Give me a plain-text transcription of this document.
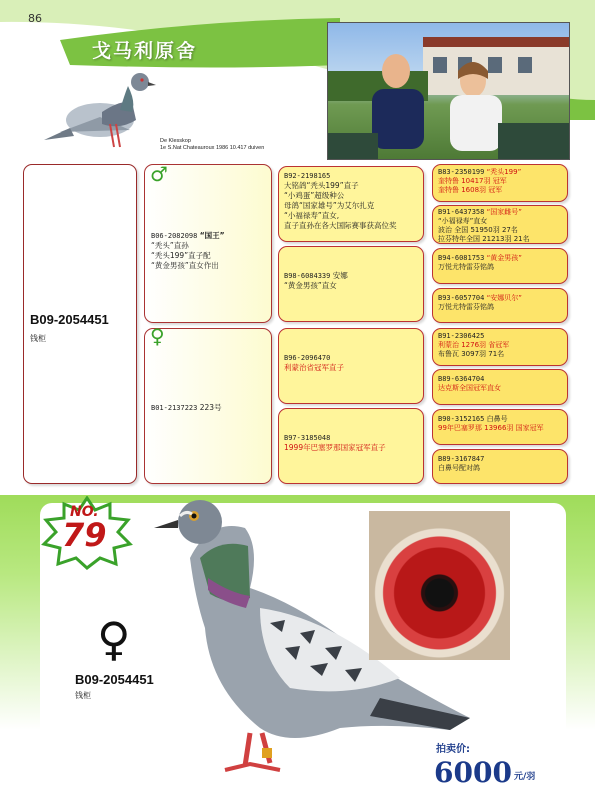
86
戈马利原舍
De Klesskop
1e S.Nat Chateauroux 1986 10.417 duiven
B09-2054451
钱柜
♂
B06-2082098 “国王”
“秃头”直孙
“秃头199”直子配
“黄金男孩”直女作出
♀
B01-2137223 223号
B92-2198165
大铭鸽“秃头199”直子
“小鸡蛋”超级种公
母鸽“国家雄号”为艾尔扎克
“小福禄寿”直女,
直子直孙在各大国际赛事获高位奖
B98-6084339 安娜
“黄金男孩”直女
B96-2096470
利蒙治省冠军直子
B97-3185048
1999年巴塞罗那国家冠军直子
B83-2350199 “秃头199”
奎特鲁 10417羽 冠军
奎特鲁 1608羽 冠军
B91-6437358 “国家雌号”
“小福禄寿”直女
波治 全国 51950羽 27名
拉芬特年全国 21213羽 21名
B94-6081753 “黄金男孩”
万悦尤特雷芬铭鸽
B93-6057704 “安娜贝尔”
万悦尤特雷芬铭鸽
B91-2306425
利蒙治 1276羽 省冠军
布鲁瓦 3097羽 71名
B89-6364704
达克斯全国冠军直女
B90-3152165 白鼻号
99年巴塞罗那 13966羽 国家冠军
B89-3167847
白鼻号配对鸽
NO.
79
♀
B09-2054451
钱柜
拍卖价:
6000 元/羽
